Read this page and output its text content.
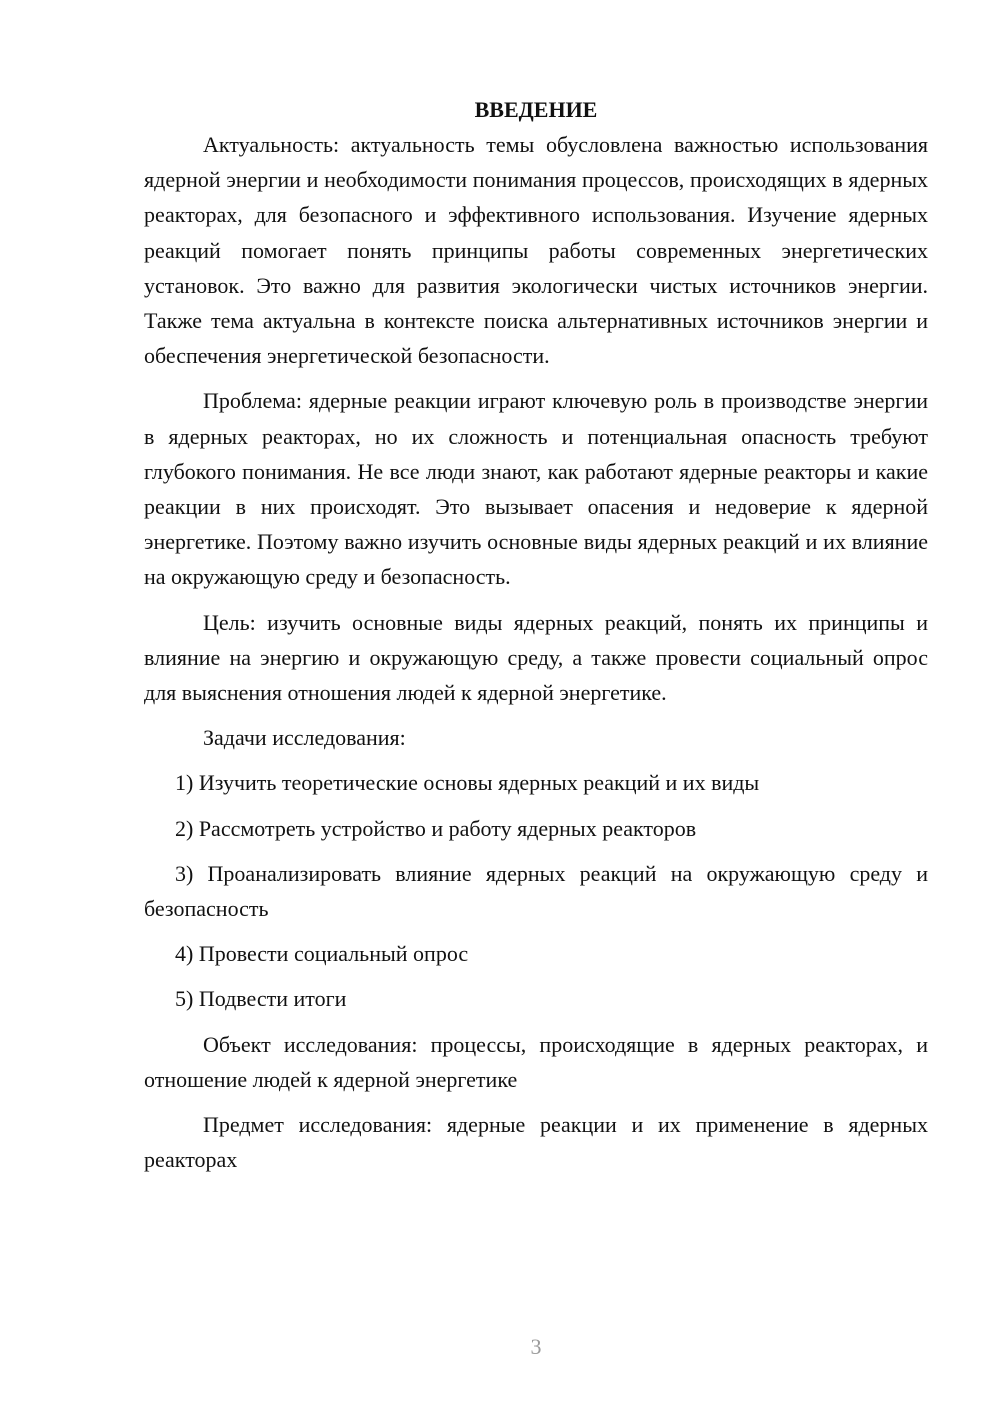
ВВЕДЕНИЕ

Актуальность: актуальность темы обусловлена важностью использования ядерной энергии и необходимости понимания процессов, происходящих в ядерных реакторах, для безопасного и эффективного использования. Изучение ядерных реакций помогает понять принципы работы современных энергетических установок. Это важно для развития экологически чистых источников энергии. Также тема актуальна в контексте поиска альтернативных источников энергии и обеспечения энергетической безопасности.

Проблема: ядерные реакции играют ключевую роль в производстве энергии в ядерных реакторах, но их сложность и потенциальная опасность требуют глубокого понимания. Не все люди знают, как работают ядерные реакторы и какие реакции в них происходят. Это вызывает опасения и недоверие к ядерной энергетике. Поэтому важно изучить основные виды ядерных реакций и их влияние на окружающую среду и безопасность.

Цель: изучить основные виды ядерных реакций, понять их принципы и влияние на энергию и окружающую среду, а также провести социальный опрос для выяснения отношения людей к ядерной энергетике.

Задачи исследования:

1) Изучить теоретические основы ядерных реакций и их виды

2) Рассмотреть устройство и работу ядерных реакторов

3) Проанализировать влияние ядерных реакций на окружающую среду и безопасность

4) Провести социальный опрос

5) Подвести итоги

Объект исследования: процессы, происходящие в ядерных реакторах, и отношение людей к ядерной энергетике

Предмет исследования: ядерные реакции и их применение в ядерных реакторах

3
